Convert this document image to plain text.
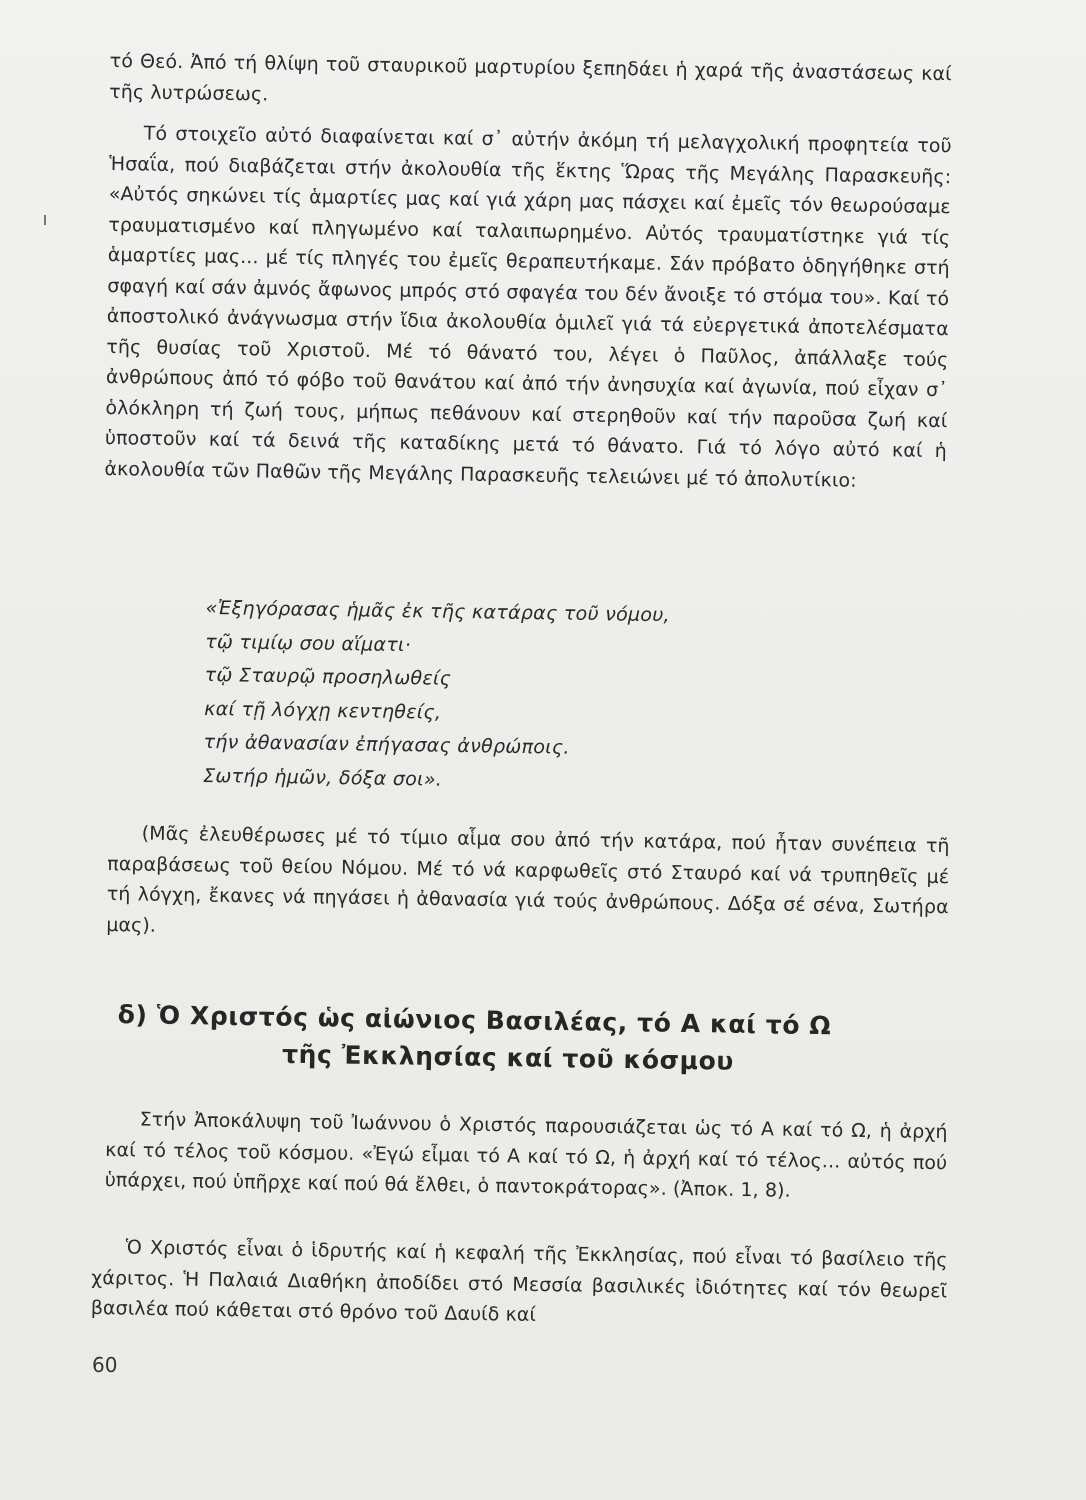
τό Θεό. Ἀπό τή θλίψη τοῦ σταυρικοῦ μαρτυρίου ξεπηδάει ἡ χαρά τῆς ἀναστάσεως καί τῆς λυτρώσεως.

Τό στοιχεῖο αὐτό διαφαίνεται καί σ᾽ αὐτήν ἀκόμη τή μελαγχολική προφητεία τοῦ Ἡσαΐα, πού διαβάζεται στήν ἀκολουθία τῆς ἕκτης Ὥρας τῆς Μεγάλης Παρασκευῆς: «Αὐτός σηκώνει τίς ἁμαρτίες μας καί γιά χάρη μας πάσχει καί ἐμεῖς τόν θεωρούσαμε τραυματισμένο καί πληγωμένο καί ταλαιπωρημένο. Αὐτός τραυματίστηκε γιά τίς ἁμαρτίες μας... μέ τίς πληγές του ἐμεῖς θεραπευτήκαμε. Σάν πρόβατο ὁδηγήθηκε στή σφαγή καί σάν ἀμνός ἄφωνος μπρός στό σφαγέα του δέν ἄνοιξε τό στόμα του». Καί τό ἀποστολικό ἀνάγνωσμα στήν ἴδια ἀκολουθία ὁμιλεῖ γιά τά εὐεργετικά ἀποτελέσματα τῆς θυσίας τοῦ Χριστοῦ. Μέ τό θάνατό του, λέγει ὁ Παῦλος, ἀπάλλαξε τούς ἀνθρώπους ἀπό τό φόβο τοῦ θανάτου καί ἀπό τήν ἀνησυχία καί ἀγωνία, πού εἶχαν σ᾽ ὁλόκληρη τή ζωή τους, μήπως πεθάνουν καί στερηθοῦν καί τήν παροῦσα ζωή καί ὑποστοῦν καί τά δεινά τῆς καταδίκης μετά τό θάνατο. Γιά τό λόγο αὐτό καί ἡ ἀκολουθία τῶν Παθῶν τῆς Μεγάλης Παρασκευῆς τελειώνει μέ τό ἀπολυτίκιο:

«Ἐξηγόρασας ἡμᾶς ἐκ τῆς κατάρας τοῦ νόμου,
τῷ τιμίῳ σου αἵματι·
τῷ Σταυρῷ προσηλωθείς
καί τῇ λόγχῃ κεντηθείς,
τήν ἀθανασίαν ἐπήγασας ἀνθρώποις.
Σωτήρ ἡμῶν, δόξα σοι».

(Μᾶς ἐλευθέρωσες μέ τό τίμιο αἷμα σου ἀπό τήν κατάρα, πού ἦταν συνέπεια τῆ παραβάσεως τοῦ θείου Νόμου. Μέ τό νά καρφωθεῖς στό Σταυρό καί νά τρυπηθεῖς μέ τή λόγχη, ἔκανες νά πηγάσει ἡ ἀθανασία γιά τούς ἀνθρώπους. Δόξα σέ σένα, Σωτήρα μας).

δ) Ὁ Χριστός ὡς αἰώνιος Βασιλέας, τό Α καί τό Ω
τῆς Ἐκκλησίας καί τοῦ κόσμου

Στήν Ἀποκάλυψη τοῦ Ἰωάννου ὁ Χριστός παρουσιάζεται ὡς τό Α καί τό Ω, ἡ ἀρχή καί τό τέλος τοῦ κόσμου. «Ἐγώ εἶμαι τό Α καί τό Ω, ἡ ἀρχή καί τό τέλος... αὐτός πού ὑπάρχει, πού ὑπῆρχε καί πού θά ἔλθει, ὁ παντοκράτορας». (Ἀποκ. 1, 8).

Ὁ Χριστός εἶναι ὁ ἱδρυτής καί ἡ κεφαλή τῆς Ἐκκλησίας, πού εἶναι τό βασίλειο τῆς χάριτος. Ἡ Παλαιά Διαθήκη ἀποδίδει στό Μεσσία βασιλικές ἰδιότητες καί τόν θεωρεῖ βασιλέα πού κάθεται στό θρόνο τοῦ Δαυίδ καί

60
